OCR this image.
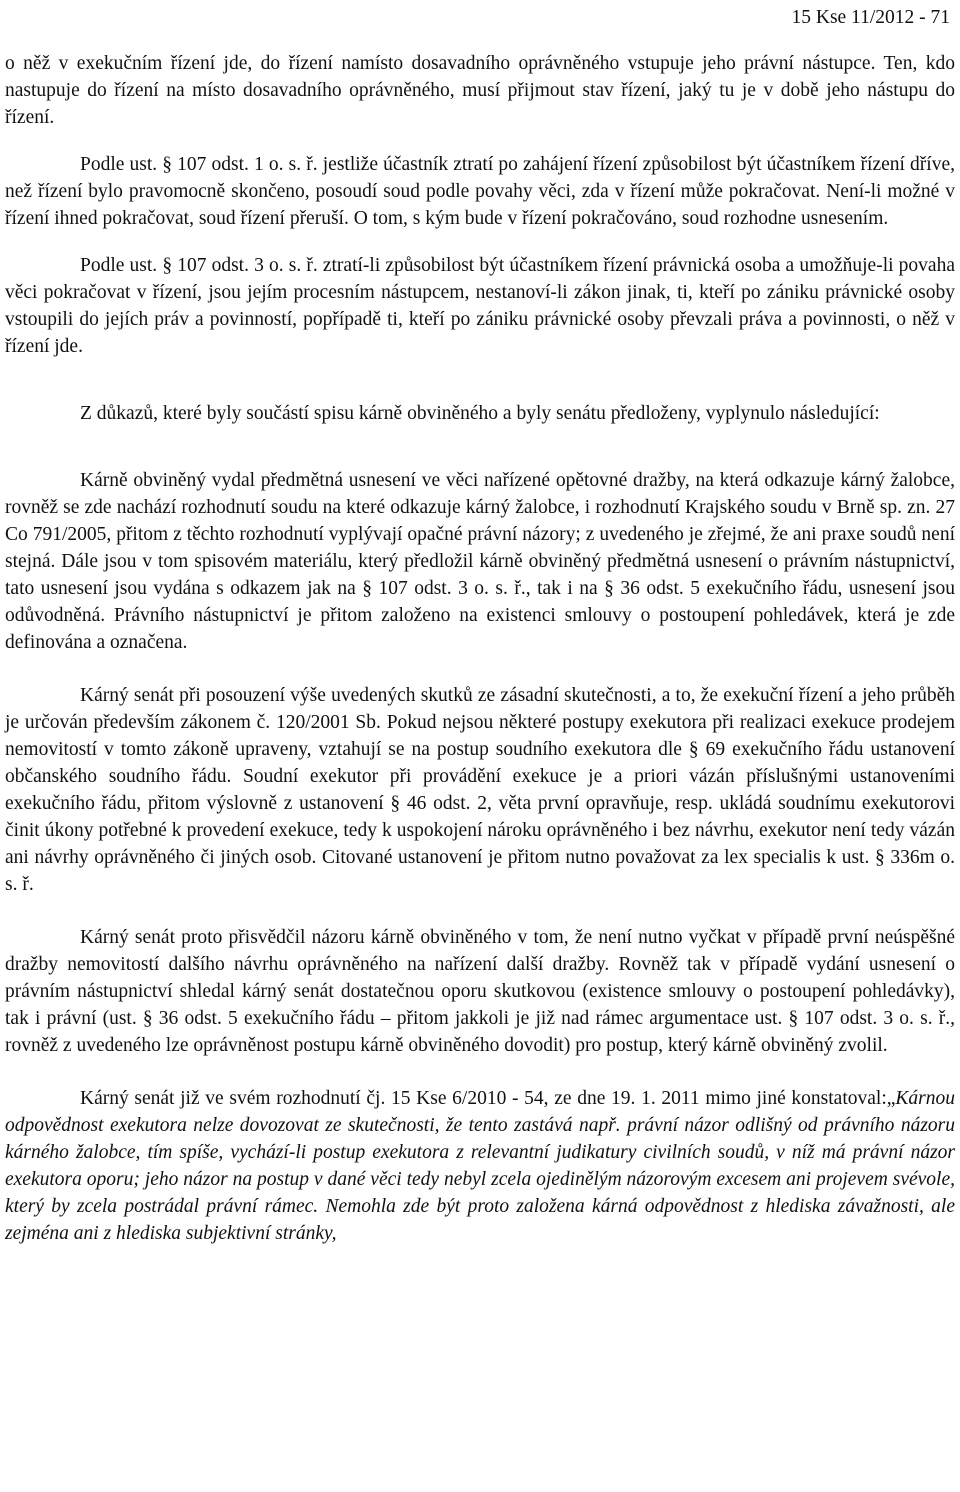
15 Kse 11/2012 - 71

o něž v exekučním řízení jde, do řízení namísto dosavadního oprávněného vstupuje jeho právní nástupce. Ten, kdo nastupuje do řízení na místo dosavadního oprávněného, musí přijmout stav řízení, jaký tu je v době jeho nástupu do řízení.

Podle ust. § 107 odst. 1 o. s. ř. jestliže účastník ztratí po zahájení řízení způsobilost být účastníkem řízení dříve, než řízení bylo pravomocně skončeno, posoudí soud podle povahy věci, zda v řízení může pokračovat. Není-li možné v řízení ihned pokračovat, soud řízení přeruší. O tom, s kým bude v řízení pokračováno, soud rozhodne usnesením.

Podle ust. § 107 odst. 3 o. s. ř. ztratí-li způsobilost být účastníkem řízení právnická osoba a umožňuje-li povaha věci pokračovat v řízení, jsou jejím procesním nástupcem, nestanoví-li zákon jinak, ti, kteří po zániku právnické osoby vstoupili do jejích práv a povinností, popřípadě ti, kteří po zániku právnické osoby převzali práva a povinnosti, o něž v řízení jde.

Z důkazů, které byly součástí spisu kárně obviněného a byly senátu předloženy, vyplynulo následující:

Kárně obviněný vydal předmětná usnesení ve věci nařízené opětovné dražby, na která odkazuje kárný žalobce, rovněž se zde nachází rozhodnutí soudu na které odkazuje kárný žalobce, i rozhodnutí Krajského soudu v Brně sp. zn. 27 Co 791/2005, přitom z těchto rozhodnutí vyplývají opačné právní názory; z uvedeného je zřejmé, že ani praxe soudů není stejná. Dále jsou v tom spisovém materiálu, který předložil kárně obviněný předmětná usnesení o právním nástupnictví, tato usnesení jsou vydána s odkazem jak na § 107 odst. 3 o. s. ř., tak i na § 36 odst. 5 exekučního řádu, usnesení jsou odůvodněná. Právního nástupnictví je přitom založeno na existenci smlouvy o postoupení pohledávek, která je zde definována a označena.

Kárný senát při posouzení výše uvedených skutků ze zásadní skutečnosti, a to, že exekuční řízení a jeho průběh je určován především zákonem č. 120/2001 Sb. Pokud nejsou některé postupy exekutora při realizaci exekuce prodejem nemovitostí v tomto zákoně upraveny, vztahují se na postup soudního exekutora dle § 69 exekučního řádu ustanovení občanského soudního řádu. Soudní exekutor při provádění exekuce je a priori vázán příslušnými ustanoveními exekučního řádu, přitom výslovně z ustanovení § 46 odst. 2, věta první opravňuje, resp. ukládá soudnímu exekutorovi činit úkony potřebné k provedení exekuce, tedy k uspokojení nároku oprávněného i bez návrhu, exekutor není tedy vázán ani návrhy oprávněného či jiných osob. Citované ustanovení je přitom nutno považovat za lex specialis k ust. § 336m o. s. ř.

Kárný senát proto přisvědčil názoru kárně obviněného v tom, že není nutno vyčkat v případě první neúspěšné dražby nemovitostí dalšího návrhu oprávněného na nařízení další dražby. Rovněž tak v případě vydání usnesení o právním nástupnictví shledal kárný senát dostatečnou oporu skutkovou (existence smlouvy o postoupení pohledávky), tak i právní (ust. § 36 odst. 5 exekučního řádu – přitom jakkoli je již nad rámec argumentace ust. § 107 odst. 3 o. s. ř., rovněž z uvedeného lze oprávněnost postupu kárně obviněného dovodit) pro postup, který kárně obviněný zvolil.

Kárný senát již ve svém rozhodnutí čj. 15 Kse 6/2010 - 54, ze dne 19. 1. 2011 mimo jiné konstatoval:„Kárnou odpovědnost exekutora nelze dovozovat ze skutečnosti, že tento zastává např. právní názor odlišný od právního názoru kárného žalobce, tím spíše, vychází-li postup exekutora z relevantní judikatury civilních soudů, v níž má právní názor exekutora oporu; jeho názor na postup v dané věci tedy nebyl zcela ojedinělým názorovým excesem ani projevem svévole, který by zcela postrádal právní rámec. Nemohla zde být proto založena kárná odpovědnost z hlediska závažnosti, ale zejména ani z hlediska subjektivní stránky,
